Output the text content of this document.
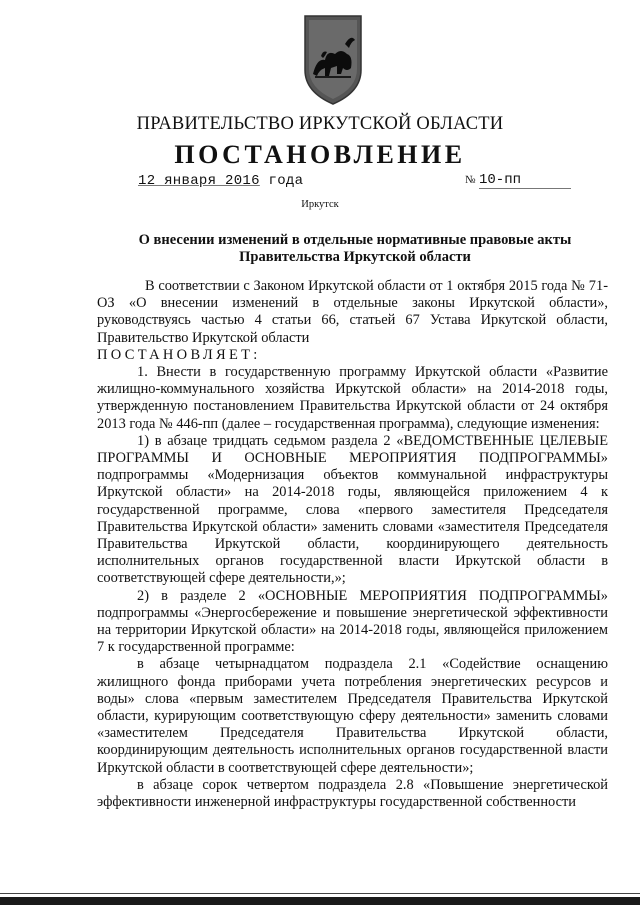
ПРАВИТЕЛЬСТВО ИРКУТСКОЙ ОБЛАСТИ
ПОСТАНОВЛЕНИЕ
12 января 2016 года	№ 10-пп
Иркутск
О внесении изменений в отдельные нормативные правовые акты
Правительства Иркутской области

В соответствии с Законом Иркутской области от 1 октября 2015 года № 71-ОЗ «О внесении изменений в отдельные законы Иркутской области», руководствуясь частью 4 статьи 66, статьей 67 Устава Иркутской области, Правительство Иркутской области

ПОСТАНОВЛЯЕТ:

1. Внести в государственную программу Иркутской области «Развитие жилищно-коммунального хозяйства Иркутской области» на 2014-2018 годы, утвержденную постановлением Правительства Иркутской области от 24 октября 2013 года № 446-пп (далее – государственная программа), следующие изменения:

1) в абзаце тридцать седьмом раздела 2 «ВЕДОМСТВЕННЫЕ ЦЕЛЕВЫЕ ПРОГРАММЫ И ОСНОВНЫЕ МЕРОПРИЯТИЯ ПОДПРОГРАММЫ» подпрограммы «Модернизация объектов коммунальной инфраструктуры Иркутской области» на 2014-2018 годы, являющейся приложением 4 к государственной программе, слова «первого заместителя Председателя Правительства Иркутской области» заменить словами «заместителя Председателя Правительства Иркутской области, координирующего деятельность исполнительных органов государственной власти Иркутской области в соответствующей сфере деятельности,»;

2) в разделе 2 «ОСНОВНЫЕ МЕРОПРИЯТИЯ ПОДПРОГРАММЫ» подпрограммы «Энергосбережение и повышение энергетической эффективности на территории Иркутской области» на 2014-2018 годы, являющейся приложением 7 к государственной программе:

в абзаце четырнадцатом подраздела 2.1 «Содействие оснащению жилищного фонда приборами учета потребления энергетических ресурсов и воды» слова «первым заместителем Председателя Правительства Иркутской области, курирующим соответствующую сферу деятельности» заменить словами «заместителем Председателя Правительства Иркутской области, координирующим деятельность исполнительных органов государственной власти Иркутской области в соответствующей сфере деятельности»;

в абзаце сорок четвертом подраздела 2.8 «Повышение энергетической эффективности инженерной инфраструктуры государственной собственности
